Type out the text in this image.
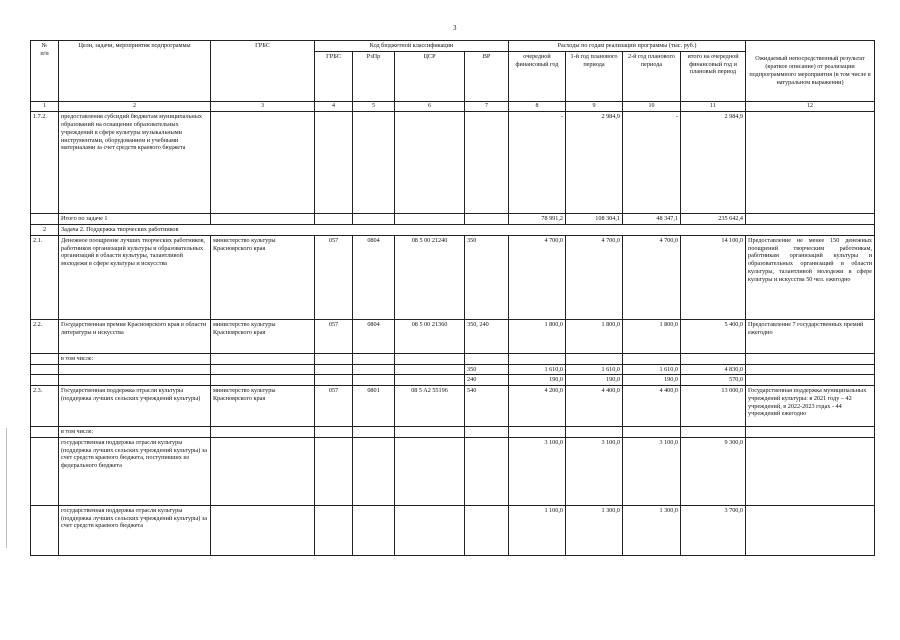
3
№
п/п	Цели, задачи, мероприятия подпрограммы	ГРБС	Код бюджетной классификации				Расходы по годам реализации программы (тыс. руб.)				Ожидаемый непосредственный результат (краткое описание) от реализации подпрограммного мероприятия (в том числе в натуральном выражении)
			ГРБС	РзПр	ЦСР	ВР	очередной финансовый год	1-й год планового периода	2-й год планового периода	итого на очередной финансовый год и плановый период	
1	2	3	4	5	6	7	8	9	10	11	12
1.7.2.	предоставления субсидий бюджетам муниципальных образований на оснащение образовательных учреждений в сфере культуры музыкальными инструментами, оборудованием и учебными материалами за счет средств краевого бюджета						-	2 984,9	-	2 984,9	
	Итого по задаче 1						78 991,2	108 304,1	48 347,1	235 642,4	
2	Задача 2. Поддержка творческих работников										
2.1.	Денежное поощрение лучших творческих работников, работников организаций культуры и образовательных организаций в области культуры, талантливой молодежи в сфере культуры и искусства	министерство культуры Красноярского края	057	0804	08 5 00 21240	350	4 700,0	4 700,0	4 700,0	14 100,0	Предоставление не менее 150 денежных поощрений творческим работникам, работникам организаций культуры и образовательных организаций в области культуры, талантливой молодежи в сфере культуры и искусства 50 чел. ежегодно
2.2.	Государственная премия Красноярского края в области литературы и искусства	министерство культуры Красноярского края	057	0804	08 5 00 21360	350, 240	1 800,0	1 800,0	1 800,0	5 400,0	Предоставление 7 государственных премий ежегодно
	в том числе:										
						350	1 610,0	1 610,0	1 610,0	4 830,0	
						240	190,0	190,0	190,0	570,0	
2.3.	Государственная поддержка отрасли культуры (поддержка лучших сельских учреждений культуры)	министерство культуры Красноярского края	057	0801	08 5 A2 55196	540	4 200,0	4 400,0	4 400,0	13 000,0	Государственная поддержка муниципальных учреждений культуры: в 2021 году – 42 учреждений, в 2022-2023 годах - 44 учреждений ежегодно
	в том числе:										
	государственная поддержка отрасли культуры (поддержка лучших сельских учреждений культуры) за счет средств краевого бюджета, поступивших из федерального бюджета						3 100,0	3 100,0	3 100,0	9 300,0	
	государственная поддержка отрасли культуры (поддержка лучших сельских учреждений культуры) за счет средств краевого бюджета						1 100,0	1 300,0	1 300,0	3 700,0	
